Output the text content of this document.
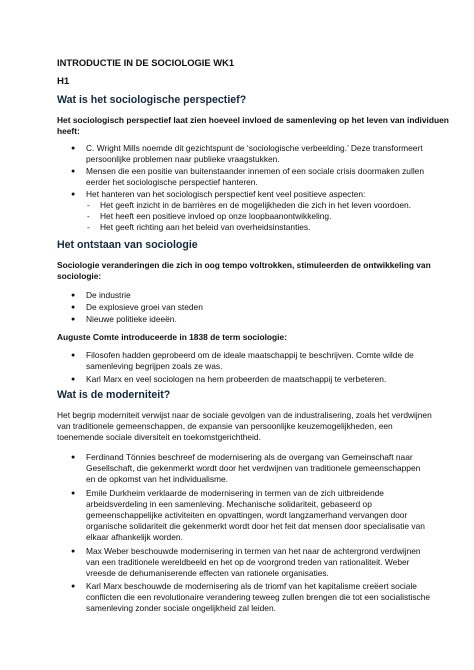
INTRODUCTIE IN DE SOCIOLOGIE WK1
H1
Wat is het sociologische perspectief?
Het sociologisch perspectief laat zien hoeveel invloed de samenleving op het leven van individuen
heeft:
● C. Wright Mills noemde dit gezichtspunt de ‘sociologische verbeelding.’ Deze transformeert
persoonlijke problemen naar publieke vraagstukken.
● Mensen die een positie van buitenstaander innemen of een sociale crisis doormaken zullen
eerder het sociologische perspectief hanteren.
● Het hanteren van het sociologisch perspectief kent veel positieve aspecten:
- Het geeft inzicht in de barrières en de mogelijkheden die zich in het leven voordoen.
- Het heeft een positieve invloed op onze loopbaanontwikkeling.
- Het geeft richting aan het beleid van overheidsinstanties.
Het ontstaan van sociologie
Sociologie veranderingen die zich in oog tempo voltrokken, stimuleerden de ontwikkeling van
sociologie:
● De industrie
● De explosieve groei van steden
● Nieuwe politieke ideeën.
Auguste Comte introduceerde in 1838 de term sociologie:
● Filosofen hadden geprobeerd om de ideale maatschappij te beschrijven. Comte wilde de
samenleving begrijpen zoals ze was.
● Karl Marx en veel sociologen na hem probeerden de maatschappij te verbeteren.
Wat is de moderniteit?
Het begrip moderniteit verwijst naar de sociale gevolgen van de industralisering, zoals het verdwijnen
van traditionele gemeenschappen, de expansie van persoonlijke keuzemogelijkheden, een
toenemende sociale diversiteit en toekomstgerichtheid.
● Ferdinand Tönnies beschreef de modernisering als de overgang van Gemeinschaft naar
Gesellschaft, die gekenmerkt wordt door het verdwijnen van traditionele gemeenschappen
en de opkomst van het individualisme.
● Emile Durkheim verklaarde de modernisering in termen van de zich uitbreidende
arbeidsverdeling in een samenleving. Mechanische solidariteit, gebaseerd op
gemeenschappelijke activiteiten en opvattingen, wordt langzamerhand vervangen door
organische solidariteit die gekenmerkt wordt door het feit dat mensen door specialisatie van
elkaar afhankelijk worden.
● Max Weber beschouwde modernisering in termen van het naar de achtergrond verdwijnen
van een traditionele wereldbeeld en het op de voorgrond treden van rationaliteit. Weber
vreesde de dehumaniserende effecten van rationele organisaties.
● Karl Marx beschouwde de modernisering als de triomf van het kapitalisme creëert sociale
conflicten die een revolutionaire verandering teweeg zullen brengen die tot een socialistische
samenleving zonder sociale ongelijkheid zal leiden.
